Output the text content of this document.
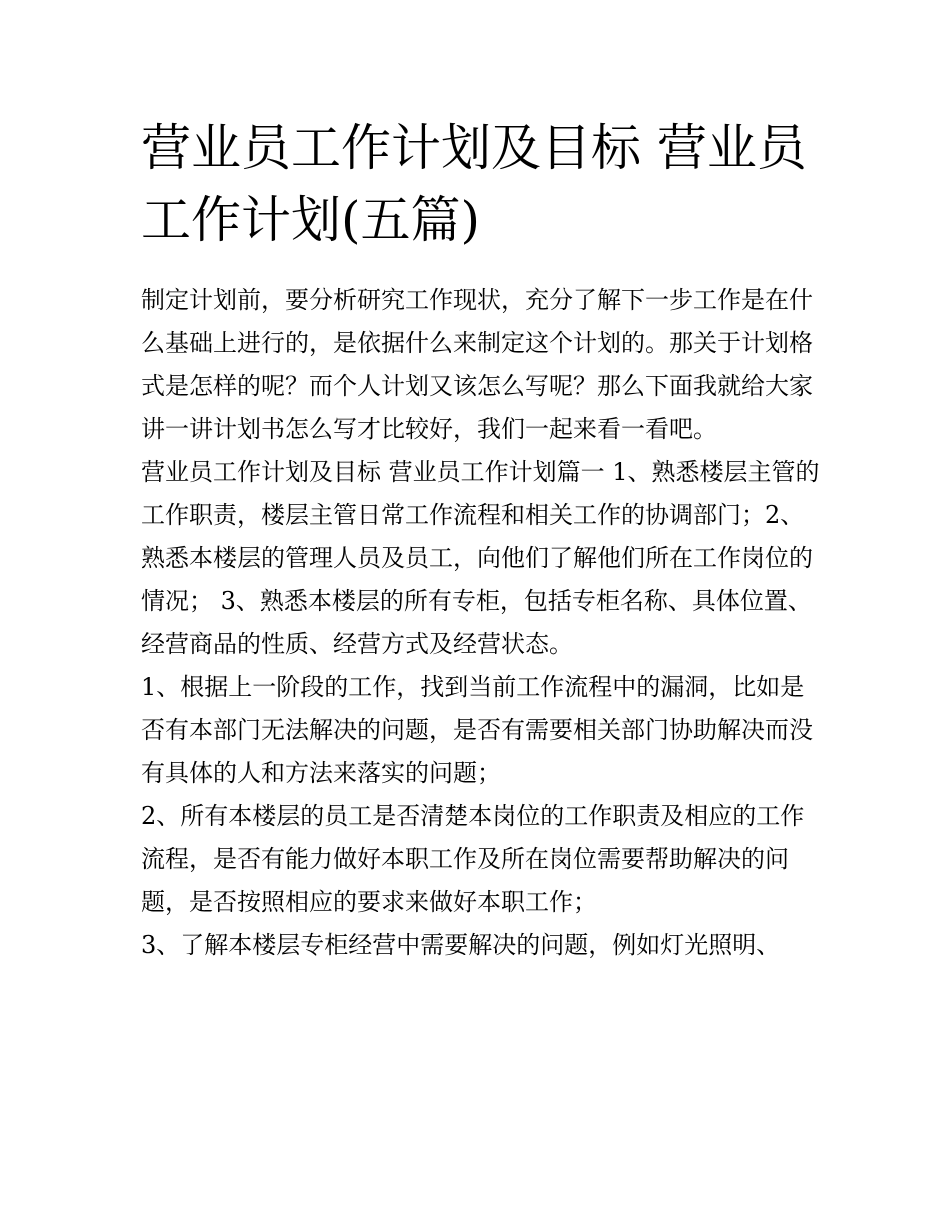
营业员工作计划及目标 营业员工作计划(五篇)

制定计划前，要分析研究工作现状，充分了解下一步工作是在什么基础上进行的，是依据什么来制定这个计划的。那关于计划格式是怎样的呢？而个人计划又该怎么写呢？那么下面我就给大家讲一讲计划书怎么写才比较好，我们一起来看一看吧。

营业员工作计划及目标 营业员工作计划篇一 1、熟悉楼层主管的工作职责，楼层主管日常工作流程和相关工作的协调部门；2、熟悉本楼层的管理人员及员工，向他们了解他们所在工作岗位的情况； 3、熟悉本楼层的所有专柜，包括专柜名称、具体位置、经营商品的性质、经营方式及经营状态。

1、根据上一阶段的工作，找到当前工作流程中的漏洞，比如是否有本部门无法解决的问题，是否有需要相关部门协助解决而没有具体的人和方法来落实的问题；

2、所有本楼层的员工是否清楚本岗位的工作职责及相应的工作流程，是否有能力做好本职工作及所在岗位需要帮助解决的问题，是否按照相应的要求来做好本职工作；

3、了解本楼层专柜经营中需要解决的问题，例如灯光照明、
